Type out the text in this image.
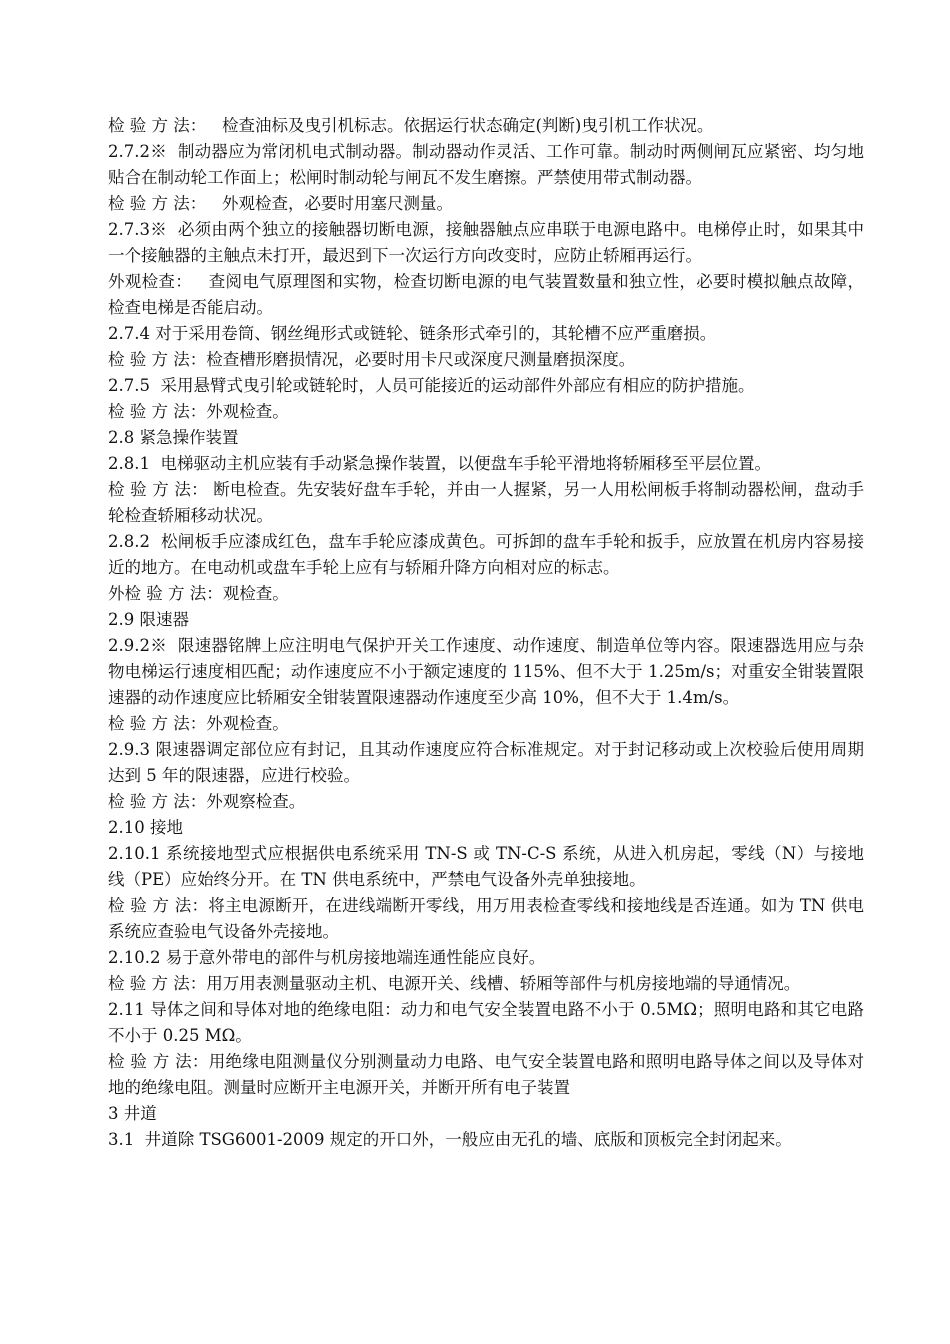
检 验 方 法：   检查油标及曳引机标志。依据运行状态确定(判断)曳引机工作状况。

2.7.2※  制动器应为常闭机电式制动器。制动器动作灵活、工作可靠。制动时两侧闸瓦应紧密、均匀地贴合在制动轮工作面上；松闸时制动轮与闸瓦不发生磨擦。严禁使用带式制动器。

检 验 方 法：   外观检查，必要时用塞尺测量。

2.7.3※  必须由两个独立的接触器切断电源，接触器触点应串联于电源电路中。电梯停止时，如果其中一个接触器的主触点未打开，最迟到下一次运行方向改变时，应防止轿厢再运行。

外观检查：   查阅电气原理图和实物，检查切断电源的电气装置数量和独立性，必要时模拟触点故障，检查电梯是否能启动。

2.7.4 对于采用卷筒、钢丝绳形式或链轮、链条形式牵引的，其轮槽不应严重磨损。

检 验 方 法：检查槽形磨损情况，必要时用卡尺或深度尺测量磨损深度。

2.7.5  采用悬臂式曳引轮或链轮时，人员可能接近的运动部件外部应有相应的防护措施。

检 验 方 法：外观检查。

2.8 紧急操作装置

2.8.1  电梯驱动主机应装有手动紧急操作装置，以便盘车手轮平滑地将轿厢移至平层位置。

检 验 方 法： 断电检查。先安装好盘车手轮，并由一人握紧，另一人用松闸板手将制动器松闸，盘动手轮检查轿厢移动状况。

2.8.2  松闸板手应漆成红色，盘车手轮应漆成黄色。可拆卸的盘车手轮和扳手，应放置在机房内容易接近的地方。在电动机或盘车手轮上应有与轿厢升降方向相对应的标志。

外检 验 方 法：观检查。

2.9 限速器

2.9.2※  限速器铭牌上应注明电气保护开关工作速度、动作速度、制造单位等内容。限速器选用应与杂物电梯运行速度相匹配；动作速度应不小于额定速度的 115%、但不大于 1.25m/s；对重安全钳装置限速器的动作速度应比轿厢安全钳装置限速器动作速度至少高 10%，但不大于 1.4m/s。

检 验 方 法：外观检查。

2.9.3 限速器调定部位应有封记，且其动作速度应符合标准规定。对于封记移动或上次校验后使用周期达到 5 年的限速器，应进行校验。

检 验 方 法：外观察检查。

2.10 接地

2.10.1 系统接地型式应根据供电系统采用 TN-S 或 TN-C-S 系统，从进入机房起，零线（N）与接地线（PE）应始终分开。在 TN 供电系统中，严禁电气设备外壳单独接地。

检 验 方 法：将主电源断开，在进线端断开零线，用万用表检查零线和接地线是否连通。如为 TN 供电系统应查验电气设备外壳接地。

2.10.2 易于意外带电的部件与机房接地端连通性能应良好。

检 验 方 法：用万用表测量驱动主机、电源开关、线槽、轿厢等部件与机房接地端的导通情况。

2.11 导体之间和导体对地的绝缘电阻：动力和电气安全装置电路不小于 0.5MΩ；照明电路和其它电路不小于 0.25 MΩ。

检 验 方 法：用绝缘电阻测量仪分别测量动力电路、电气安全装置电路和照明电路导体之间以及导体对地的绝缘电阻。测量时应断开主电源开关，并断开所有电子装置

3 井道

3.1  井道除 TSG6001-2009 规定的开口外，一般应由无孔的墙、底版和顶板完全封闭起来。
